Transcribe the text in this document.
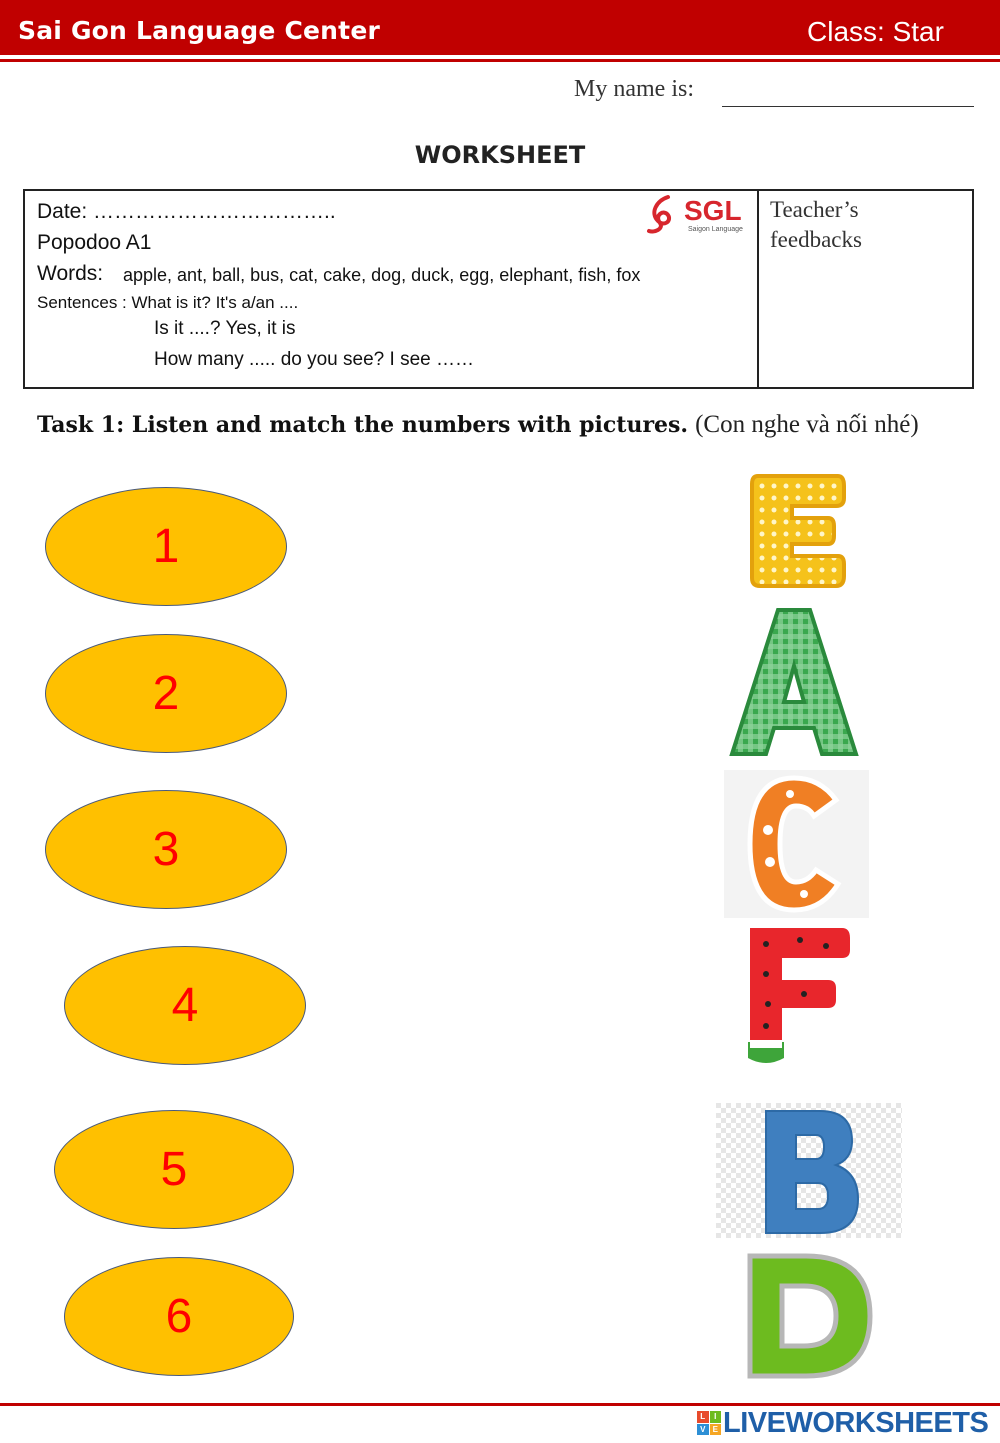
Sai Gon Language Center	Class: Star
My name is:
WORKSHEET
Date: ……………………………..
Popodoo A1
Words: apple, ant, ball, bus, cat, cake, dog, duck, egg, elephant, fish, fox
Sentences : What is it? It's a/an ....
Is it ....? Yes, it is
How many ..... do you see? I see ……
Teacher’s feedbacks
SGL
Saigon Language
Task 1: Listen and match the numbers with pictures. (Con nghe và nối nhé)
1
2
3
4
5
6
L	I
V E LIVEWORKSHEETS
